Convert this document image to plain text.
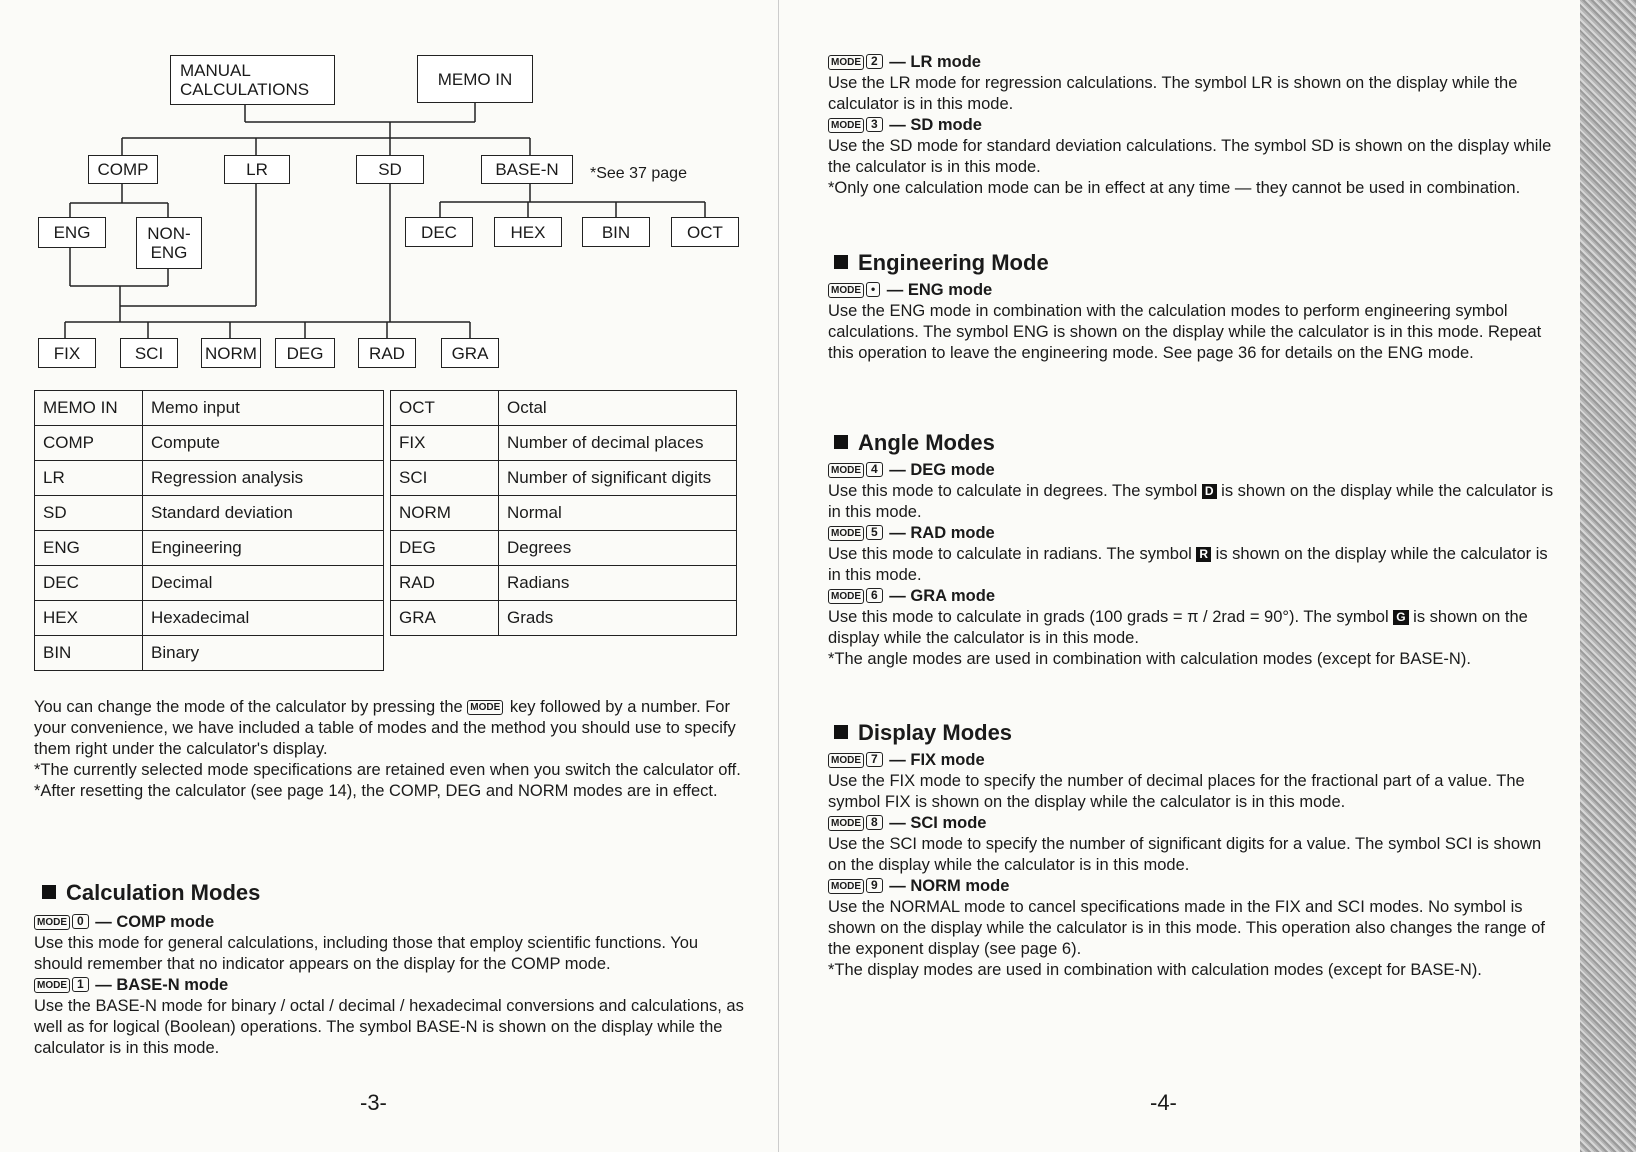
MANUAL
CALCULATIONS
MEMO IN
COMP	LR	SD	BASE-N	*See 37 page
ENG	NON-
ENG
DEC	HEX	BIN	OCT
FIX	SCI	NORM	DEG	RAD	GRA
MEMO IN	Memo input
COMP	Compute
LR	Regression analysis
SD	Standard deviation
ENG	Engineering
DEC	Decimal
HEX	Hexadecimal
BIN	Binary
OCT	Octal
FIX	Number of decimal places
SCI	Number of significant digits
NORM	Normal
DEG	Degrees
RAD	Radians
GRA	Grads

You can change the mode of the calculator by pressing the MODE key followed by a number. For your convenience, we have included a table of modes and the method you should use to specify them right under the calculator's display.

*The currently selected mode specifications are retained even when you switch the calculator off.

*After resetting the calculator (see page 14), the COMP, DEG and NORM modes are in effect.

Calculation Modes

MODE 0 — COMP mode

Use this mode for general calculations, including those that employ scientific functions. You should remember that no indicator appears on the display for the COMP mode.

MODE 1 — BASE-N mode

Use the BASE-N mode for binary / octal / decimal / hexadecimal conversions and calculations, as well as for logical (Boolean) operations. The symbol BASE-N is shown on the display while the calculator is in this mode.

-3-

MODE 2 — LR mode

Use the LR mode for regression calculations. The symbol LR is shown on the display while the calculator is in this mode.

MODE 3 — SD mode

Use the SD mode for standard deviation calculations. The symbol SD is shown on the display while the calculator is in this mode.

*Only one calculation mode can be in effect at any time — they cannot be used in combination.

Engineering Mode

MODE • — ENG mode

Use the ENG mode in combination with the calculation modes to perform engineering symbol calculations. The symbol ENG is shown on the display while the calculator is in this mode. Repeat this operation to leave the engineering mode. See page 36 for details on the ENG mode.

Angle Modes

MODE 4 — DEG mode

Use this mode to calculate in degrees. The symbol D is shown on the display while the calculator is in this mode.

MODE 5 — RAD mode

Use this mode to calculate in radians. The symbol R is shown on the display while the calculator is in this mode.

MODE 6 — GRA mode

Use this mode to calculate in grads (100 grads = π / 2rad = 90°). The symbol G is shown on the display while the calculator is in this mode.

*The angle modes are used in combination with calculation modes (except for BASE-N).

Display Modes

MODE 7 — FIX mode

Use the FIX mode to specify the number of decimal places for the fractional part of a value. The symbol FIX is shown on the display while the calculator is in this mode.

MODE 8 — SCI mode

Use the SCI mode to specify the number of significant digits for a value. The symbol SCI is shown on the display while the calculator is in this mode.

MODE 9 — NORM mode

Use the NORMAL mode to cancel specifications made in the FIX and SCI modes. No symbol is shown on the display while the calculator is in this mode. This operation also changes the range of the exponent display (see page 6).

*The display modes are used in combination with calculation modes (except for BASE-N).

-4-
